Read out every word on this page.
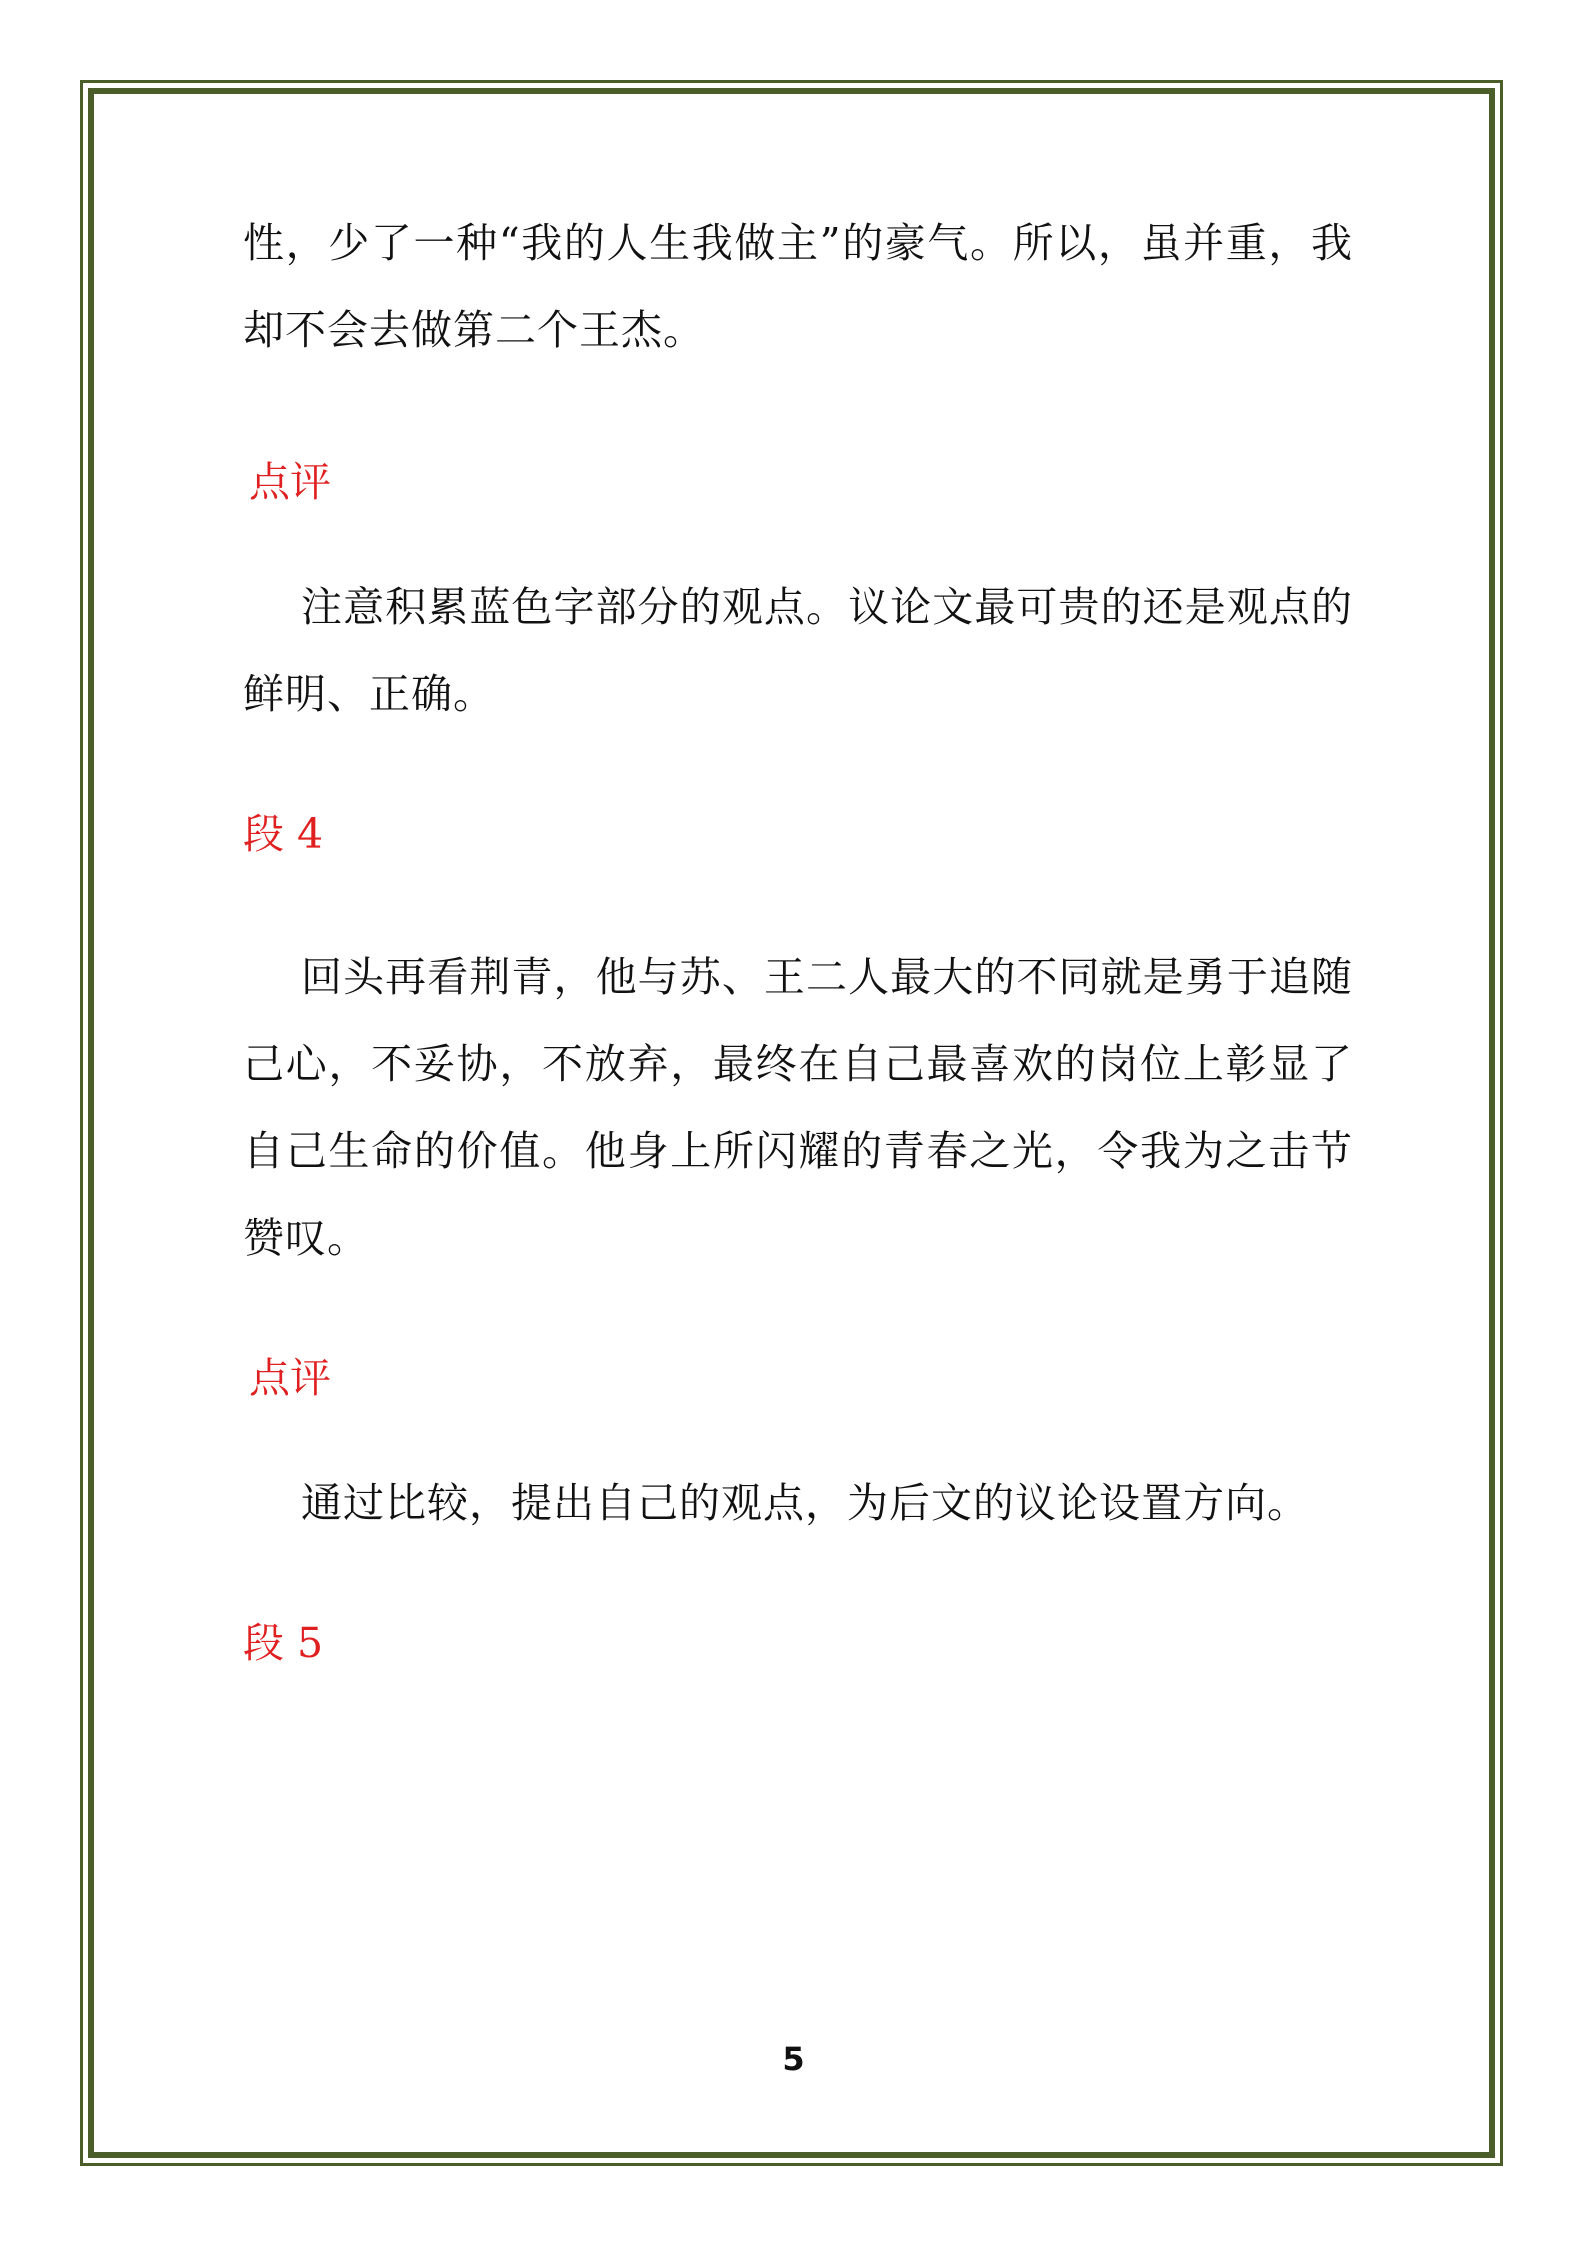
性，少了一种“我的人生我做主”的豪气。所以，虽并重，我却不会去做第二个王杰。

点评

注意积累蓝色字部分的观点。议论文最可贵的还是观点的鲜明、正确。

段 4

回头再看荆青，他与苏、王二人最大的不同就是勇于追随己心，不妥协，不放弃，最终在自己最喜欢的岗位上彰显了自己生命的价值。他身上所闪耀的青春之光，令我为之击节赞叹。

点评

通过比较，提出自己的观点，为后文的议论设置方向。

段 5

5
